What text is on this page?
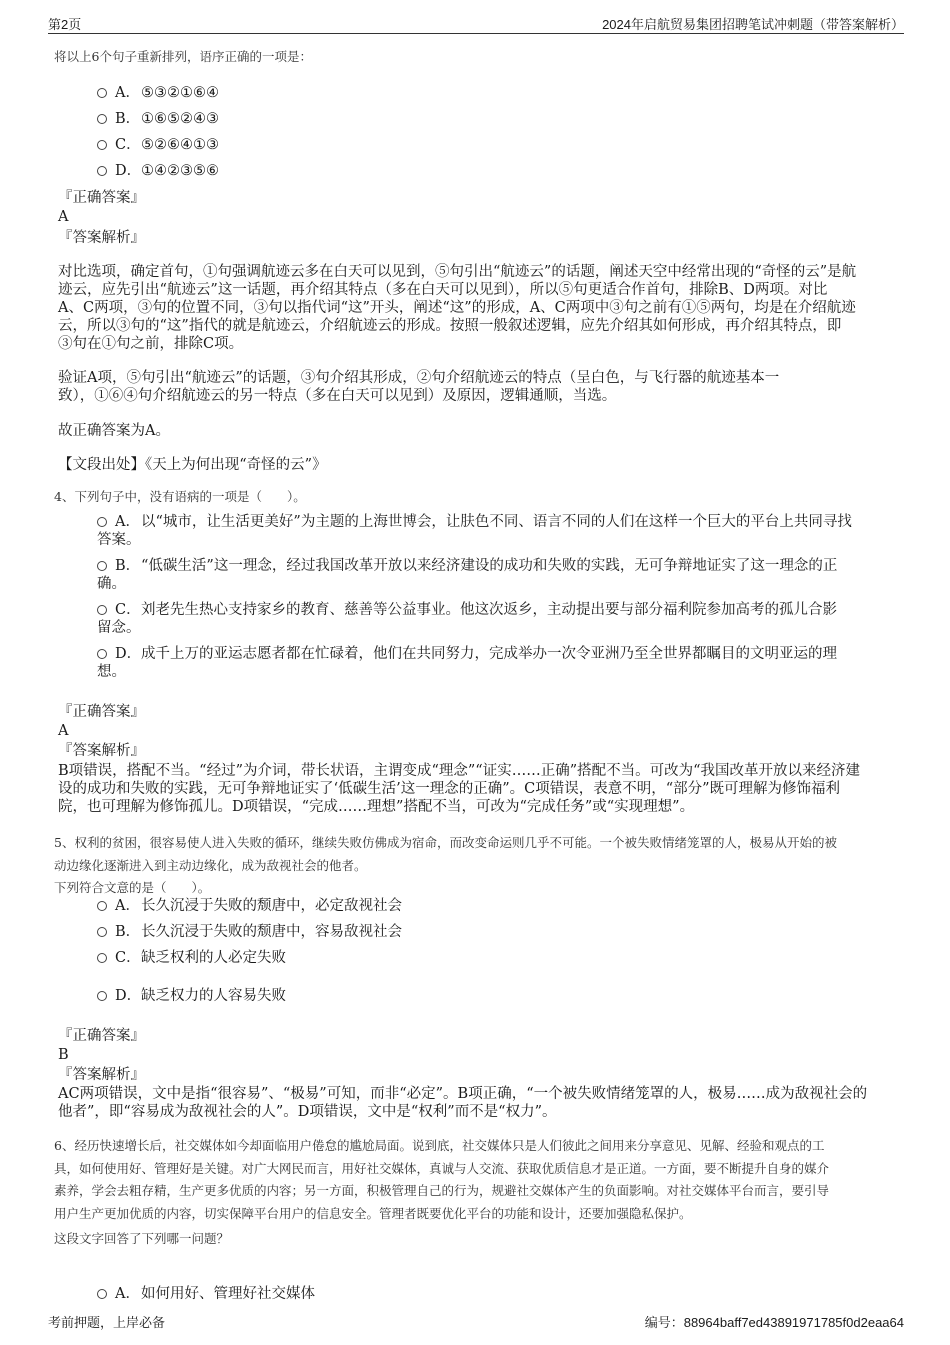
第2页	2024年启航贸易集团招聘笔试冲刺题（带答案解析）
将以上6个句子重新排列，语序正确的一项是：
A．⑤③②①⑥④
B．①⑥⑤②④③
C．⑤②⑥④①③
D．①④②③⑤⑥
『正确答案』
A
『答案解析』
对比选项，确定首句，①句强调航迹云多在白天可以见到，⑤句引出“航迹云”的话题，阐述天空中经常出现的“奇怪的云”是航
迹云，应先引出“航迹云”这一话题，再介绍其特点（多在白天可以见到），所以⑤句更适合作首句，排除B、D两项。对比
A、C两项，③句的位置不同，③句以指代词“这”开头，阐述“这”的形成，A、C两项中③句之前有①⑤两句，均是在介绍航迹
云，所以③句的“这”指代的就是航迹云，介绍航迹云的形成。按照一般叙述逻辑，应先介绍其如何形成，再介绍其特点，即
③句在①句之前，排除C项。
验证A项，⑤句引出“航迹云”的话题，③句介绍其形成，②句介绍航迹云的特点（呈白色，与飞行器的航迹基本一
致），①⑥④句介绍航迹云的另一特点（多在白天可以见到）及原因，逻辑通顺，当选。
故正确答案为A。
【文段出处】《天上为何出现“奇怪的云”》
4、下列句子中，没有语病的一项是（　　）。
A．以“城市，让生活更美好”为主题的上海世博会，让肤色不同、语言不同的人们在这样一个巨大的平台上共同寻找
答案。
B．“低碳生活”这一理念，经过我国改革开放以来经济建设的成功和失败的实践，无可争辩地证实了这一理念的正
确。
C．刘老先生热心支持家乡的教育、慈善等公益事业。他这次返乡，主动提出要与部分福利院参加高考的孤儿合影
留念。
D．成千上万的亚运志愿者都在忙碌着，他们在共同努力，完成举办一次令亚洲乃至全世界都瞩目的文明亚运的理
想。
『正确答案』
A
『答案解析』
B项错误，搭配不当。“经过”为介词，带长状语，主谓变成“理念”“证实……正确”搭配不当。可改为“我国改革开放以来经济建
设的成功和失败的实践，无可争辩地证实了‘低碳生活’这一理念的正确”。C项错误，表意不明，“部分”既可理解为修饰福利
院，也可理解为修饰孤儿。D项错误，“完成……理想”搭配不当，可改为“完成任务”或“实现理想”。
5、权利的贫困，很容易使人进入失败的循环，继续失败仿佛成为宿命，而改变命运则几乎不可能。一个被失败情绪笼罩的人，极易从开始的被
动边缘化逐渐进入到主动边缘化，成为敌视社会的他者。
下列符合文意的是（　　）。
A．长久沉浸于失败的颓唐中，必定敌视社会
B．长久沉浸于失败的颓唐中，容易敌视社会
C．缺乏权利的人必定失败
D．缺乏权力的人容易失败
『正确答案』
B
『答案解析』
AC两项错误，文中是指“很容易”、“极易”可知，而非“必定”。B项正确，“一个被失败情绪笼罩的人，极易……成为敌视社会的
他者”，即“容易成为敌视社会的人”。D项错误，文中是“权利”而不是“权力”。
6、经历快速增长后，社交媒体如今却面临用户倦怠的尴尬局面。说到底，社交媒体只是人们彼此之间用来分享意见、见解、经验和观点的工
具，如何使用好、管理好是关键。对广大网民而言，用好社交媒体，真诚与人交流、获取优质信息才是正道。一方面，要不断提升自身的媒介
素养，学会去粗存精，生产更多优质的内容；另一方面，积极管理自己的行为，规避社交媒体产生的负面影响。对社交媒体平台而言，要引导
用户生产更加优质的内容，切实保障平台用户的信息安全。管理者既要优化平台的功能和设计，还要加强隐私保护。
这段文字回答了下列哪一问题？
A．如何用好、管理好社交媒体
考前押题，上岸必备	编号：88964baff7ed43891971785f0d2eaa64
